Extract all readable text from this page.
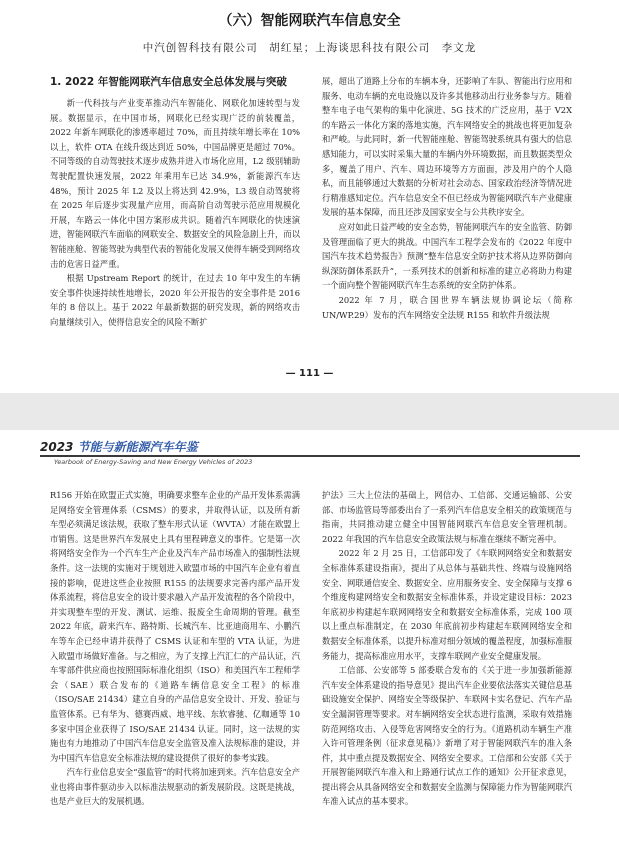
（六）智能网联汽车信息安全
中汽创智科技有限公司　胡红星；上海谈思科技有限公司　李文龙
1. 2022 年智能网联汽车信息安全总体发展与突破

新一代科技与产业变革推动汽车智能化、网联化加速转型与发展。数据显示，在中国市场，网联化已经实现广泛的前装覆盖，2022 年新车网联化的渗透率超过 70%，而且持续年增长率在 10% 以上，软件 OTA 在线升级达到近 50%，中国品牌更是超过 70%。不同等级的自动驾驶技术逐步成熟并进入市场化应用，L2 级别辅助驾驶配置快速发展，2022 年乘用车已达 34.9%，新能源汽车达 48%，预计 2025 年 L2 及以上将达到 42.9%，L3 级自动驾驶将在 2025 年后逐步实现量产应用，而高阶自动驾驶示范应用规模化开展，车路云一体化中国方案形成共识。随着汽车网联化的快速演进，智能网联汽车面临的网联安全、数据安全的风险急剧上升，而以智能座舱、智能驾驶为典型代表的智能化发展又使得车辆受到网络攻击的危害日益严重。

根据 Upstream Report 的统计，在过去 10 年中发生的车辆安全事件快速持续性地增长，2020 年公开报告的安全事件是 2016 年的 8 倍以上。基于 2022 年最新数据的研究发现，新的网络攻击向量继续引入，使得信息安全的风险不断扩

展，超出了道路上分布的车辆本身，还影响了车队、智能出行应用和服务、电动车辆的充电设施以及许多其他移动出行业务参与方。随着整车电子电气架构的集中化演进、5G 技术的广泛应用，基于 V2X 的车路云一体化方案的落地实施，汽车网络安全的挑战也将更加复杂和严峻。与此同时，新一代智能座舱、智能驾驶系统具有强大的信息感知能力，可以实时采集大量的车辆内外环境数据，而且数据类型众多，覆盖了用户、汽车、周边环境等方方面面，涉及用户的个人隐私，而且能够通过大数据的分析对社会动态、国家政治经济等情况进行精准感知定位。汽车信息安全不但已经成为智能网联汽车产业健康发展的基本保障，而且还涉及国家安全与公共秩序安全。

应对如此日益严峻的安全态势，智能网联汽车的安全监管、防御及管理面临了更大的挑战。中国汽车工程学会发布的《2022 年度中国汽车技术趋势报告》预测“整车信息安全防护技术将从边界防御向纵深防御体系跃升”，一系列技术的创新和标准的建立必将助力构建一个面向整个智能网联汽车生态系统的安全防护体系。

2022 年 7 月，联合国世界车辆法规协调论坛（简称 UN/WP.29）发布的汽车网络安全法规 R155 和软件升级法规

— 111 —
2023 节能与新能源汽车年鉴
Yearbook of Energy-Saving and New Energy Vehicles of 2023

R156 开始在欧盟正式实施，明确要求整车企业的产品开发体系需满足网络安全管理体系（CSMS）的要求，并取得认证，以及所有新车型必须满足该法规，获取了整车形式认证（WVTA）才能在欧盟上市销售。这是世界汽车发展史上具有里程碑意义的事件。它是第一次将网络安全作为一个汽车生产企业及汽车产品市场准入的强制性法规条件。这一法规的实施对于规划进入欧盟市场的中国汽车企业有着直接的影响，促进这些企业按照 R155 的法规要求完善内部产品开发体系流程，将信息安全的设计要求融入产品开发流程的各个阶段中，并实现整车型的开发、测试、运维、报废全生命周期的管理。截至 2022 年底，蔚来汽车、路特斯、长城汽车、比亚迪商用车、小鹏汽车等车企已经申请并获得了 CSMS 认证和车型的 VTA 认证，为进入欧盟市场做好准备。与之相应，为了支撑上汽汇仁的产品认证，汽车零部件供应商也按照国际标准化组织（ISO）和美国汽车工程师学会（SAE）联合发布的《道路车辆信息安全工程》的标准（ISO/SAE 21434）建立自身的产品信息安全设计、开发、验证与监管体系。已有华为、德赛西威、地平线、东软睿驰、亿咖通等 10 多家中国企业获得了 ISO/SAE 21434 认证。同时，这一法规的实施也有力地推动了中国汽车信息安全监管及准入法规标准的建设，并为中国汽车信息安全标准法规的建设提供了很好的参考实践。

汽车行业信息安全“强监管”的时代将加速到来。汽车信息安全产业也将由事件驱动步入以标准法规驱动的新发展阶段。这既是挑战，也是产业巨大的发展机遇。

护法》三大上位法的基础上，网信办、工信部、交通运输部、公安部、市场监管局等部委出台了一系列汽车信息安全相关的政策规范与指南，共同推动建立健全中国智能网联汽车信息安全管理机制。2022 年我国的汽车信息安全政策法规与标准在继续不断完善中。

2022 年 2 月 25 日，工信部印发了《车联网网络安全和数据安全标准体系建设指南》，提出了从总体与基础共性、终端与设施网络安全、网联通信安全、数据安全、应用服务安全、安全保障与支撑 6 个维度构建网络安全和数据安全标准体系，并设定建设目标：2023 年底初步构建起车联网网络安全和数据安全标准体系，完成 100 项以上重点标准制定，在 2030 年底前初步构建起车联网网络安全和数据安全标准体系，以提升标准对细分领域的覆盖程度，加强标准服务能力，提高标准应用水平，支撑车联网产业安全健康发展。

工信部、公安部等 5 部委联合发布的《关于进一步加强新能源汽车安全体系建设的指导意见》提出汽车企业要依法落实关键信息基础设施安全保护、网络安全等级保护、车联网卡实名登记、汽车产品安全漏洞管理等要求。对车辆网络安全状态进行监测，采取有效措施防范网络攻击、入侵等危害网络安全的行为。《道路机动车辆生产准入许可管理条例（征求意见稿）》新增了对于智能网联汽车的准入条件，其中重点提及数据安全、网络安全要求。工信部和公安部《关于开展智能网联汽车准入和上路通行试点工作的通知》公开征求意见，提出将会从具备网络安全和数据安全监测与保障能力作为智能网联汽车准入试点的基本要求。
